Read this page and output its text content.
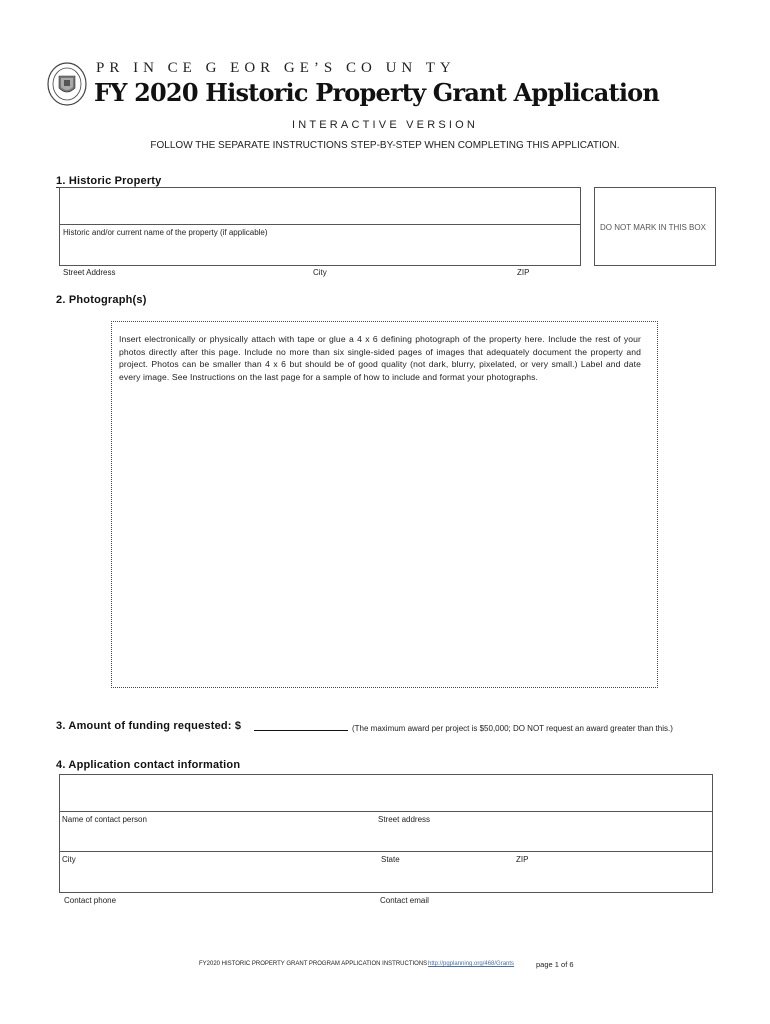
PR IN CE G EOR GE’S CO UN TY
FY 2020 Historic Property Grant Application
INTERACTIVE VERSION
FOLLOW THE SEPARATE INSTRUCTIONS STEP-BY-STEP WHEN COMPLETING THIS APPLICATION.
1. Historic Property
Historic and/or current name of the property (if applicable)
Street Address	City	ZIP
DO NOT MARK IN THIS BOX
2. Photograph(s)
Insert electronically or physically attach with tape or glue a 4 x 6 defining photograph of the property here. Include the rest of your photos directly after this page. Include no more than six single-sided pages of images that adequately document the property and project. Photos can be smaller than 4 x 6 but should be of good quality (not dark, blurry, pixelated, or very small.) Label and date every image. See Instructions on the last page for a sample of how to include and format your photographs.
3. Amount of funding requested: $	(The maximum award per project is $50,000; DO NOT request an award greater than this.)
4. Application contact information
Name of contact person	Street address
City	State	ZIP
Contact phone	Contact email
FY2020 HISTORIC PROPERTY GRANT PROGRAM APPLICATION INSTRUCTIONS http://pgplanning.org/468/Grants	page 1 of 6
